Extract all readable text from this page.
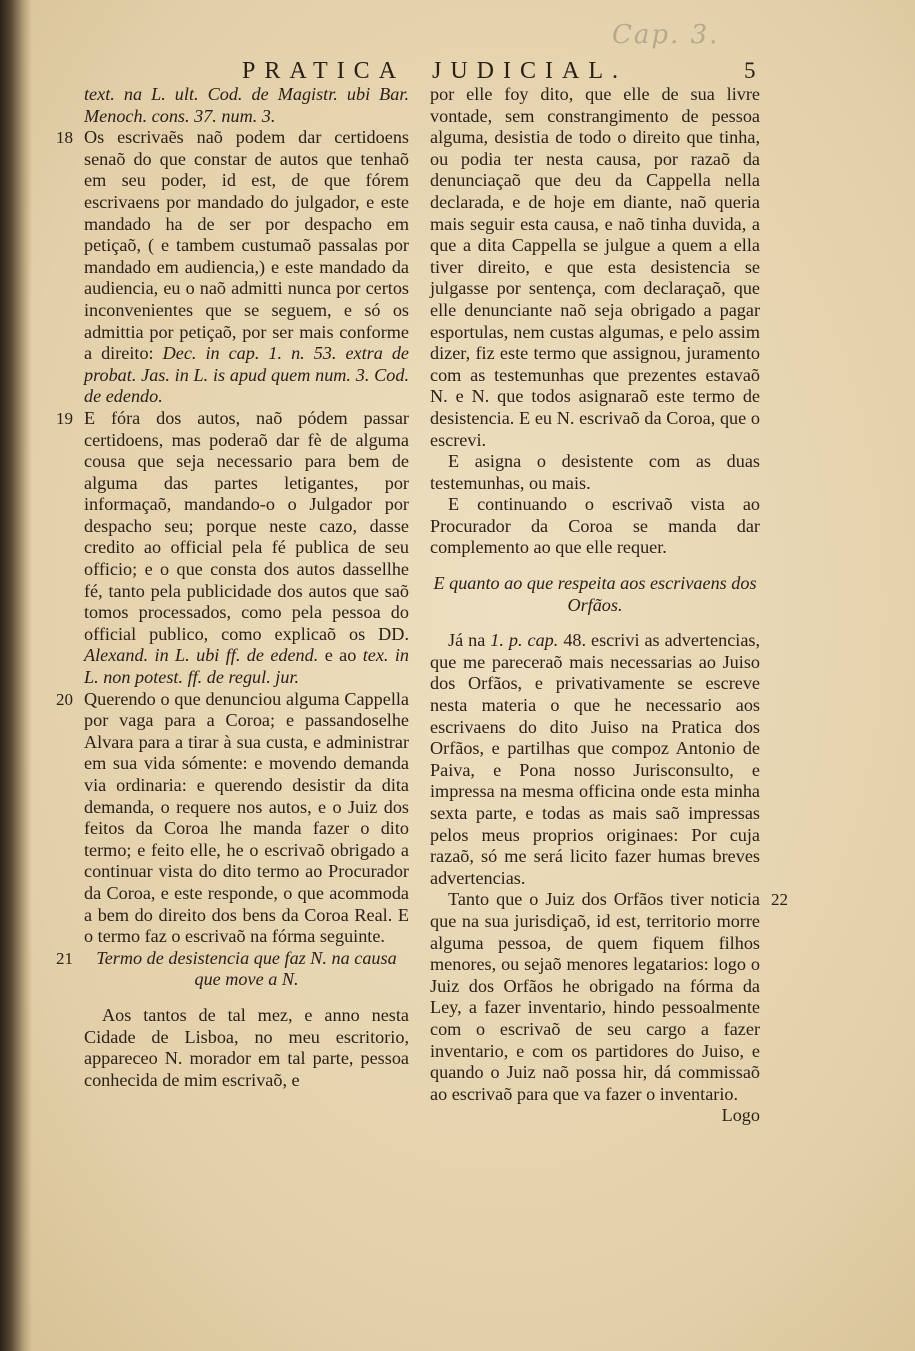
Cap. 3.
PRATICA JUDICIAL.	5

text. na L. ult. Cod. de Magistr. ubi Bar. Menoch. cons. 37. num. 3.

18 Os escrivaẽs naõ podem dar certidoens senaõ do que constar de autos que tenhaõ em seu poder, id est, de que fórem escrivaens por mandado do julgador, e este mandado ha de ser por despacho em petiçaõ, ( e tambem custumaõ passalas por mandado em audiencia,) e este mandado da audiencia, eu o naõ admitti nunca por certos inconvenientes que se seguem, e só os admittia por petiçaõ, por ser mais conforme a direito: Dec. in cap. 1. n. 53. extra de probat. Jas. in L. is apud quem num. 3. Cod. de edendo.

19 E fóra dos autos, naõ pódem passar certidoens, mas poderaõ dar fè de alguma cousa que seja necessario para bem de alguma das partes letigantes, por informaçaõ, mandando-o o Julgador por despacho seu; porque neste cazo, dasse credito ao official pela fé publica de seu officio; e o que consta dos autos dassellhe fé, tanto pela publicidade dos autos que saõ tomos processados, como pela pessoa do official publico, como explicaõ os DD. Alexand. in L. ubi ff. de edend. e ao tex. in L. non potest. ff. de regul. jur.

20 Querendo o que denunciou alguma Cappella por vaga para a Coroa; e passandoselhe Alvara para a tirar à sua custa, e administrar em sua vida sómente: e movendo demanda via ordinaria: e querendo desistir da dita demanda, o requere nos autos, e o Juiz dos feitos da Coroa lhe manda fazer o dito termo; e feito elle, he o escrivaõ obrigado a continuar vista do dito termo ao Procurador da Coroa, e este responde, o que acommoda a bem do direito dos bens da Coroa Real. E o termo faz o escrivaõ na fórma seguinte.

21	Termo de desistencia que faz N. na causa que move a N.

Aos tantos de tal mez, e anno nesta Cidade de Lisboa, no meu escritorio, appareceo N. morador em tal parte, pessoa conhecida de mim escrivaõ, e

por elle foy dito, que elle de sua livre vontade, sem constrangimento de pessoa alguma, desistia de todo o direito que tinha, ou podia ter nesta causa, por razaõ da denunciaçaõ que deu da Cappella nella declarada, e de hoje em diante, naõ queria mais seguir esta causa, e naõ tinha duvida, a que a dita Cappella se julgue a quem a ella tiver direito, e que esta desistencia se julgasse por sentença, com declaraçaõ, que elle denunciante naõ seja obrigado a pagar esportulas, nem custas algumas, e pelo assim dizer, fiz este termo que assignou, juramento com as testemunhas que prezentes estavaõ N. e N. que todos asignaraõ este termo de desistencia. E eu N. escrivaõ da Coroa, que o escrevi.

E asigna o desistente com as duas testemunhas, ou mais.

E continuando o escrivaõ vista ao Procurador da Coroa se manda dar complemento ao que elle requer.

E quanto ao que respeita aos escrivaens dos Orfãos.

Já na 1. p. cap. 48. escrivi as advertencias, que me pareceraõ mais necessarias ao Juiso dos Orfãos, e privativamente se escreve nesta materia o que he necessario aos escrivaens do dito Juiso na Pratica dos Orfãos, e partilhas que compoz Antonio de Paiva, e Pona nosso Jurisconsulto, e impressa na mesma officina onde esta minha sexta parte, e todas as mais saõ impressas pelos meus proprios originaes: Por cuja razaõ, só me será licito fazer humas breves advertencias.

22

Tanto que o Juiz dos Orfãos tiver noticia que na sua jurisdiçaõ, id est, territorio morre alguma pessoa, de quem fiquem filhos menores, ou sejaõ menores legatarios: logo o Juiz dos Orfãos he obrigado na fórma da Ley, a fazer inventario, hindo pessoalmente com o escrivaõ de seu cargo a fazer inventario, e com os partidores do Juiso, e quando o Juiz naõ possa hir, dá commissaõ ao escrivaõ para que va fazer o inventario.

Logo
